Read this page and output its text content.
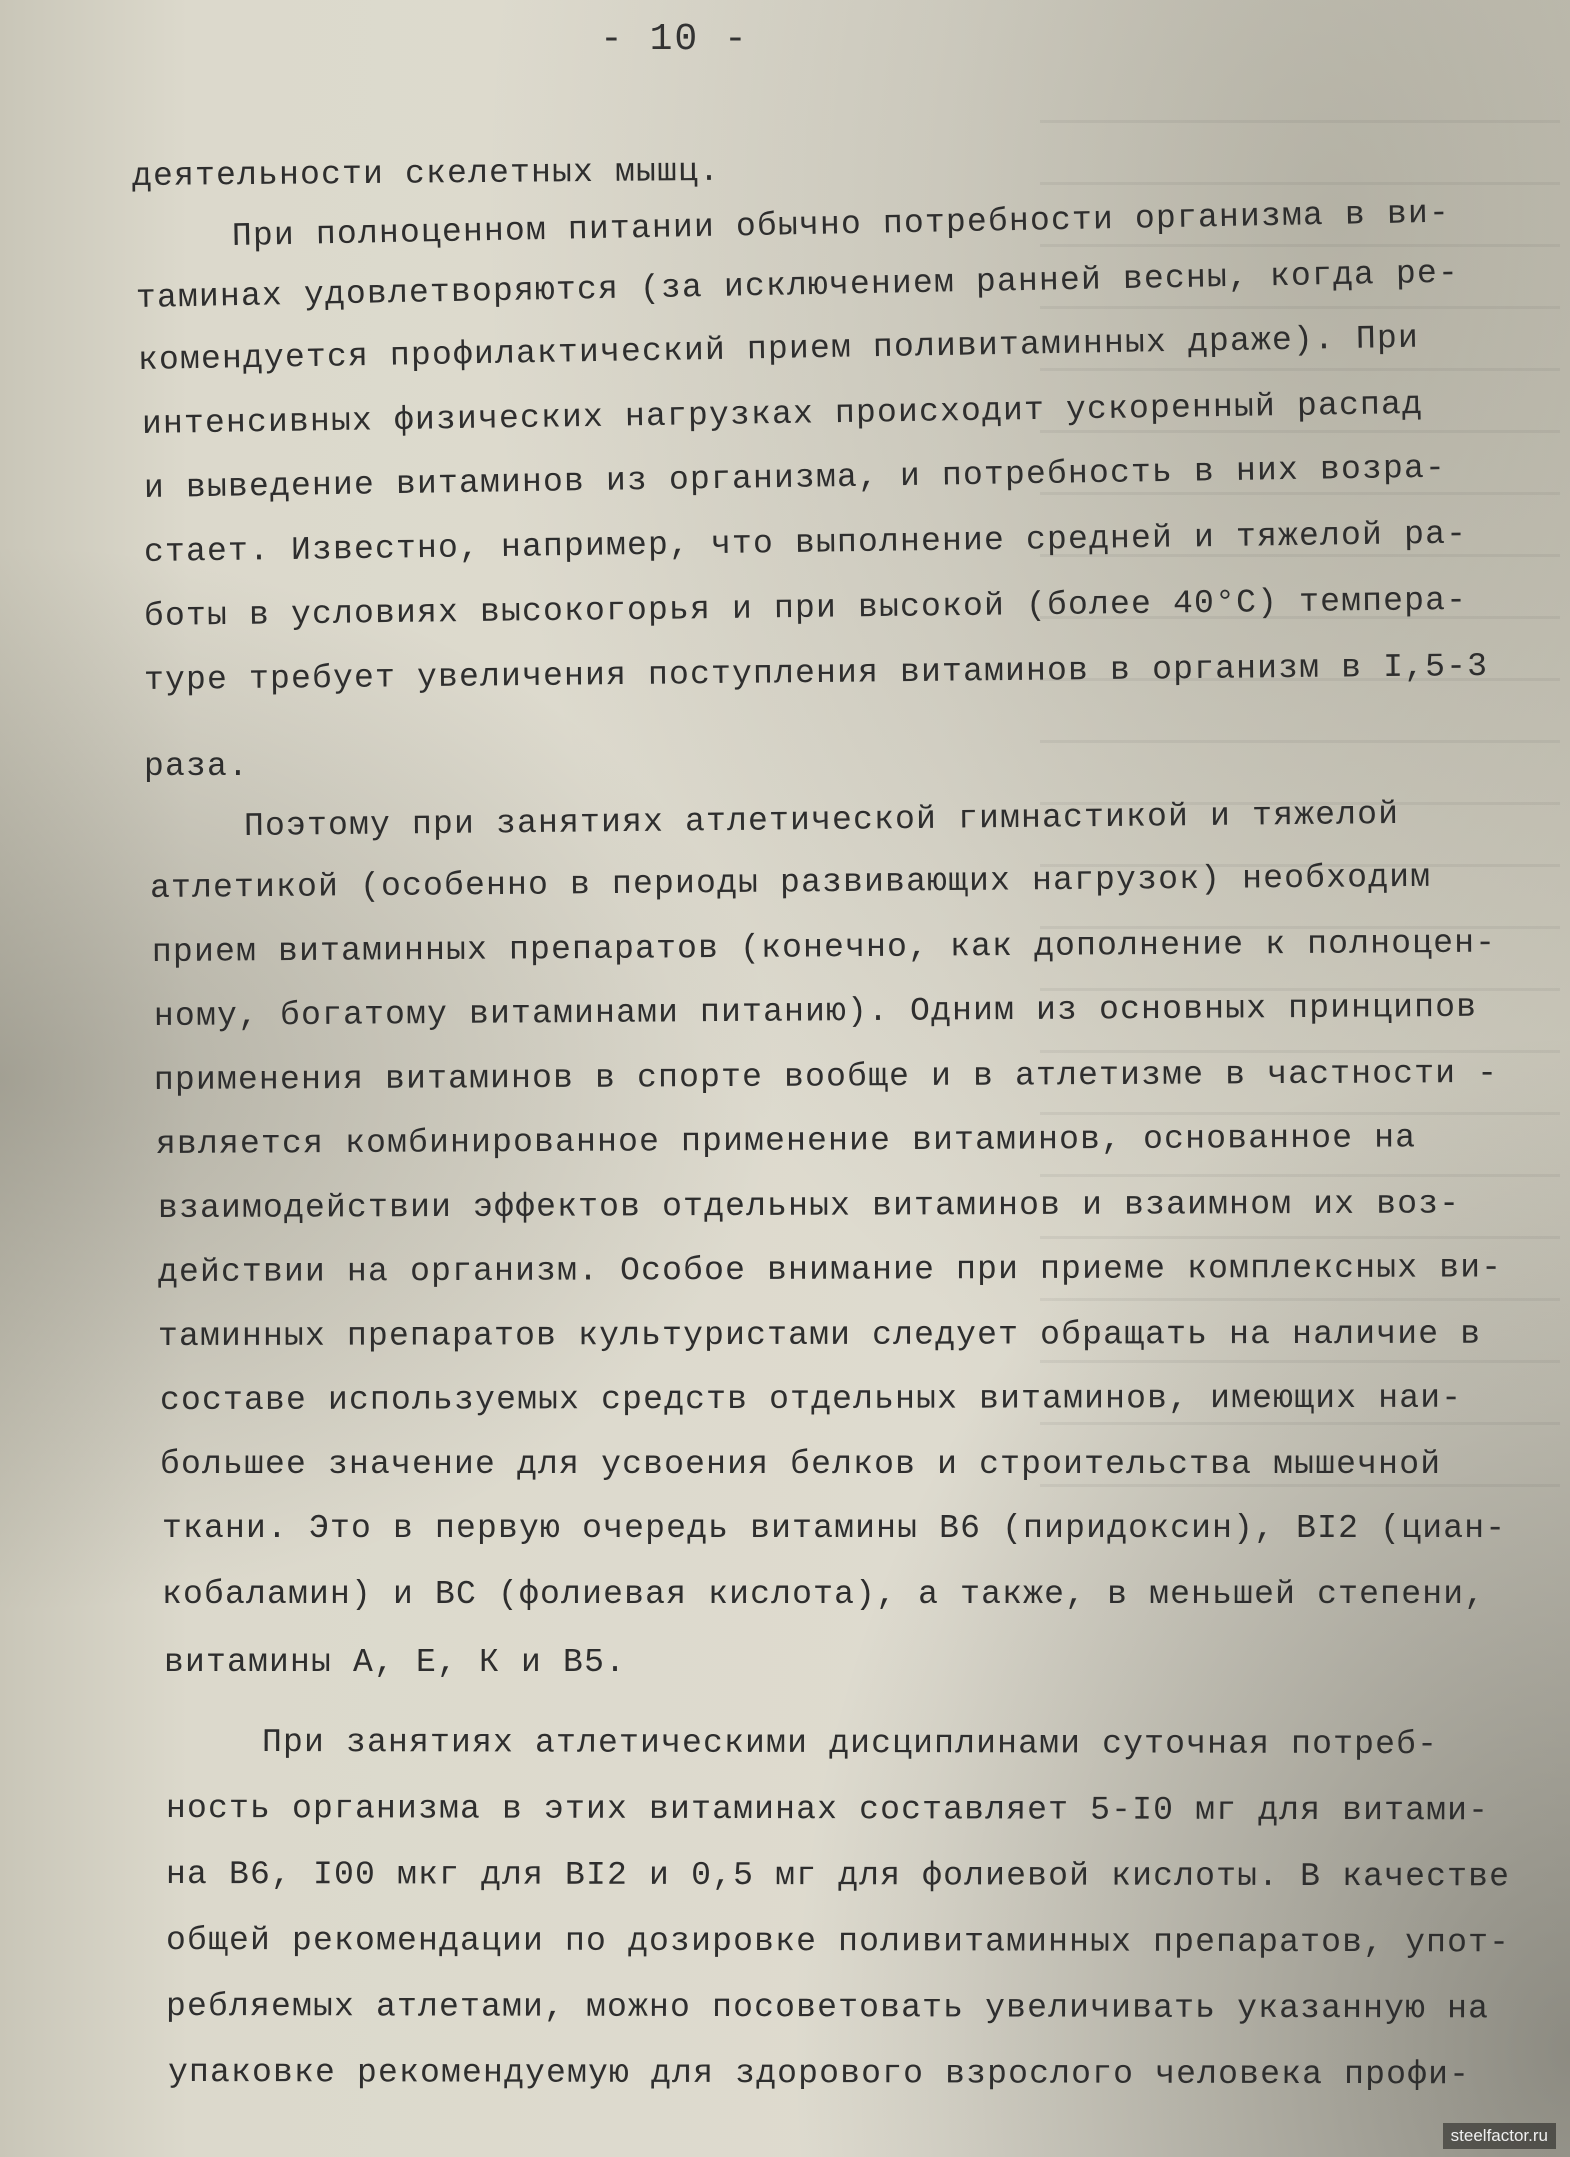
- 10 -
деятельности скелетных мышц.
При полноценном питании обычно потребности организма в ви-
таминах удовлетворяются (за исключением ранней весны, когда ре-
комендуется профилактический прием поливитаминных драже). При
интенсивных физических нагрузках происходит ускоренный распад
и выведение витаминов из организма, и потребность в них возра-
стает. Известно, например, что выполнение средней и тяжелой ра-
боты в условиях высокогорья и при высокой (более 40°С) темпера-
туре требует увеличения поступления витаминов в организм в I,5-3
раза.
Поэтому при занятиях атлетической гимнастикой и тяжелой
атлетикой (особенно в периоды развивающих нагрузок) необходим
прием витаминных препаратов (конечно, как дополнение к полноцен-
ному, богатому витаминами питанию). Одним из основных принципов
применения витаминов в спорте вообще и в атлетизме в частности -
является комбинированное применение витаминов, основанное на
взаимодействии эффектов отдельных витаминов и взаимном их воз-
действии на организм. Особое внимание при приеме комплексных ви-
таминных препаратов культуристами следует обращать на наличие в
составе используемых средств отдельных витаминов, имеющих наи-
большее значение для усвоения белков и строительства мышечной
ткани. Это в первую очередь витамины B6 (пиридоксин), BI2 (циан-
кобаламин) и BC (фолиевая кислота), а также, в меньшей степени,
витамины А, Е, К и B5.
При занятиях атлетическими дисциплинами суточная потреб-
ность организма в этих витаминах составляет 5-I0 мг для витами-
на B6, I00 мкг для BI2 и 0,5 мг для фолиевой кислоты. В качестве
общей рекомендации по дозировке поливитаминных препаратов, упот-
ребляемых атлетами, можно посоветовать увеличивать указанную на
упаковке рекомендуемую для здорового взрослого человека профи-
steelfactor.ru
